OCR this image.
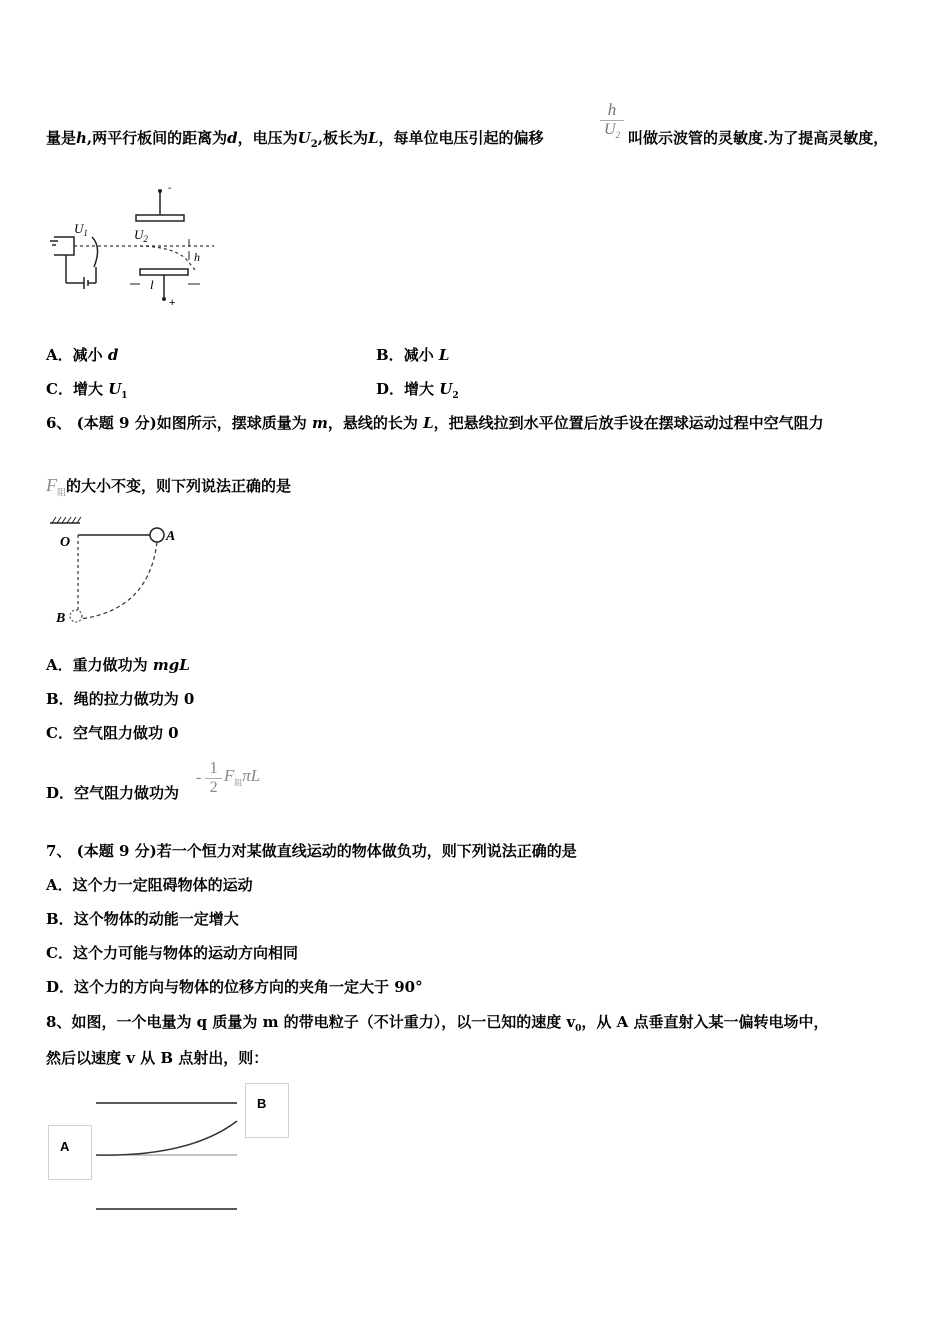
量是h,两平行板间的距离为d，电压为$U_2$,板长为L，每单位电压引起的偏移	$\frac{h}{U_2}$ 叫做示波管的灵敏度.为了提高灵敏度，
$U_1$	$U_2$
h
l
-
+
A．减小 d	B．减小 L
C．增大 $U_1$	D．增大 $U_2$
6、 (本题 9 分)如图所示，摆球质量为 m，悬线的长为 L，把悬线拉到水平位置后放手设在摆球运动过程中空气阻力
$F_阻$的大小不变，则下列说法正确的是
O	A
B
A．重力做功为 mgL
B．绳的拉力做功为 0
C．空气阻力做功 0
D．空气阻力做功为
- $\frac{1}{2} F_阻\pi L$
7、 (本题 9 分)若一个恒力对某做直线运动的物体做负功，则下列说法正确的是
A．这个力一定阻碍物体的运动
B．这个物体的动能一定增大
C．这个力可能与物体的运动方向相同
D．这个力的方向与物体的位移方向的夹角一定大于 90°
8、如图，一个电量为 q 质量为 m 的带电粒子（不计重力），以一已知的速度 $v_0$，从 A 点垂直射入某一偏转电场中，
然后以速度 v 从 B 点射出，则：
A
B
